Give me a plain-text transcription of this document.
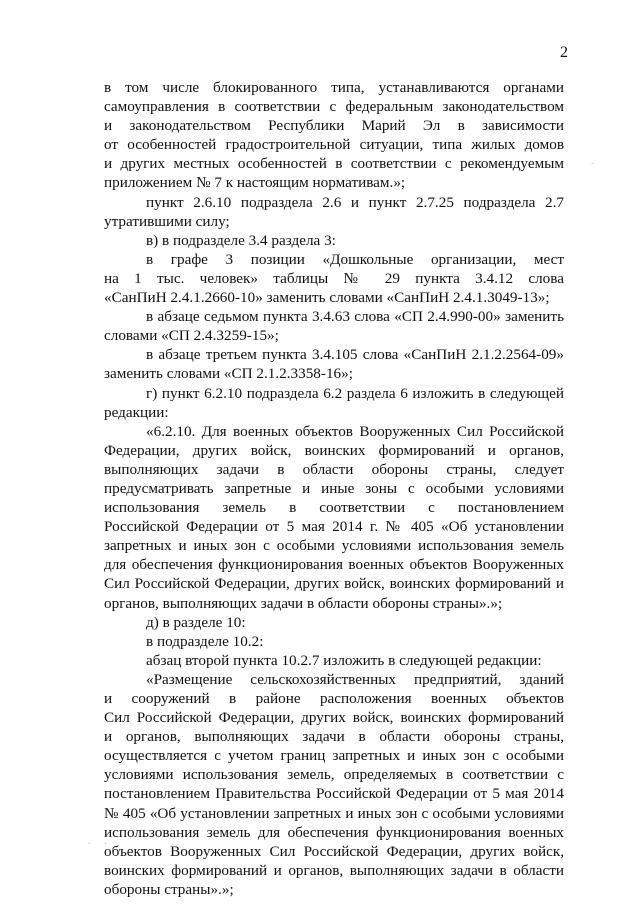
2
.
в том числе блокированного типа, устанавливаются органами
самоуправления в соответствии с федеральным законодательством
и законодательством Республики Марий Эл в зависимости
от особенностей градостроительной ситуации, типа жилых домов
и других местных особенностей в соответствии с рекомендуемым
приложением № 7 к настоящим нормативам.»;
пункт 2.6.10 подраздела 2.6 и пункт 2.7.25 подраздела 2.7
утратившими силу;
в) в подразделе 3.4 раздела 3:
в графе 3 позиции «Дошкольные организации, мест
на 1 тыс. человек» таблицы № 29 пункта 3.4.12 слова
«СанПиН 2.4.1.2660-10» заменить словами «СанПиН 2.4.1.3049-13»;
в абзаце седьмом пункта 3.4.63 слова «СП 2.4.990-00» заменить
словами «СП 2.4.3259-15»;
в абзаце третьем пункта 3.4.105 слова «СанПиН 2.1.2.2564-09»
заменить словами «СП 2.1.2.3358-16»;
г) пункт 6.2.10 подраздела 6.2 раздела 6 изложить в следующей
редакции:
«6.2.10. Для военных объектов Вооруженных Сил Российской
Федерации, других войск, воинских формирований и органов,
выполняющих задачи в области обороны страны, следует
предусматривать запретные и иные зоны с особыми условиями
использования земель в соответствии с постановлением
Российской Федерации от 5 мая 2014 г. № 405 «Об установлении
запретных и иных зон с особыми условиями использования земель
для обеспечения функционирования военных объектов Вооруженных
Сил Российской Федерации, других войск, воинских формирований и
органов, выполняющих задачи в области обороны страны».»;
д) в разделе 10:
в подразделе 10.2:
абзац второй пункта 10.2.7 изложить в следующей редакции:
«Размещение сельскохозяйственных предприятий, зданий
и сооружений в районе расположения военных объектов
Сил Российской Федерации, других войск, воинских формирований
и органов, выполняющих задачи в области обороны страны,
осуществляется с учетом границ запретных и иных зон с особыми
условиями использования земель, определяемых в соответствии с
постановлением Правительства Российской Федерации от 5 мая 2014
№ 405 «Об установлении запретных и иных зон с особыми условиями
использования земель для обеспечения функционирования военных
объектов Вооруженных Сил Российской Федерации, других войск,
воинских формирований и органов, выполняющих задачи в области
обороны страны».»;
. .
